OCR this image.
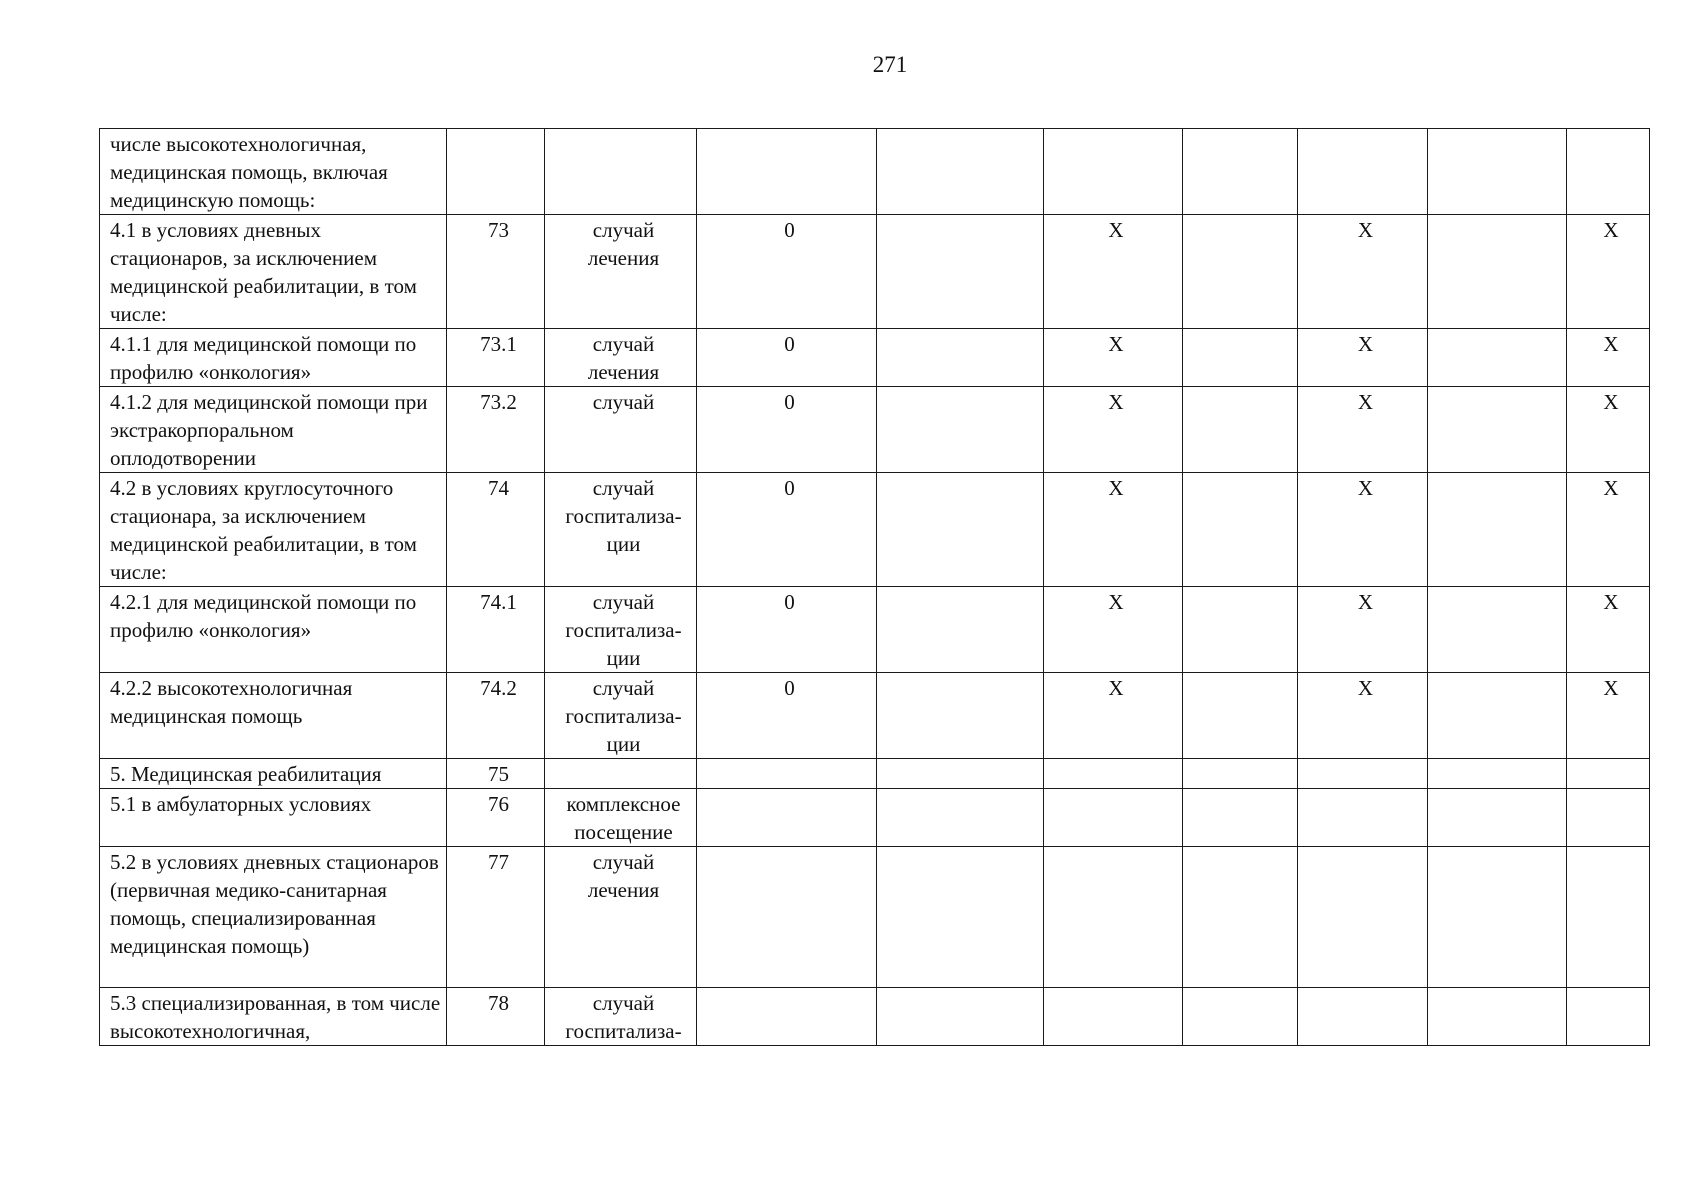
271
числе высокотехнологичная, медицинская помощь, включая медицинскую помощь:		

4.1 в условиях дневных стационаров, за исключением медицинской реабилитации, в том числе:	73	случай лечения	0		X		X		X
4.1.1 для медицинской помощи по профилю «онкология»	73.1	случай лечения	0		X		X		X
4.1.2 для медицинской помощи при экстракорпоральном оплодотворении	73.2	случай	0		X		X		X
4.2 в условиях круглосуточного стационара, за исключением медицинской реабилитации, в том числе:	74	случай госпитализа-ции	0		X		X		X
4.2.1 для медицинской помощи по профилю «онкология»	74.1	случай госпитализа-ции	0		X		X		X
4.2.2 высокотехнологичная медицинская помощь	74.2	случай госпитализа-ции	0		X		X		X
5. Медицинская реабилитация	75	

5.1 в амбулаторных условиях	76	комплексное посещение							

5.2 в условиях дневных стационаров (первичная медико-санитарная помощь, специализированная медицинская помощь)	77	случай лечения							

5.3 специализированная, в том числе высокотехнологичная,	78	случай госпитализа-							
